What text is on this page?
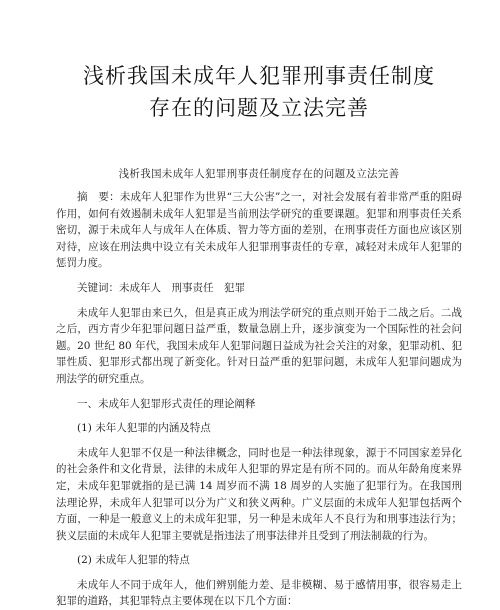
浅析我国未成年人犯罪刑事责任制度
存在的问题及立法完善
浅析我国未成年人犯罪刑事责任制度存在的问题及立法完善

摘　要：未成年人犯罪作为世界“三大公害”之一，对社会发展有着非常严重的阻碍作用，如何有效遏制未成年人犯罪是当前刑法学研究的重要课题。犯罪和刑事责任关系密切，源于未成年人与成年人在体质、智力等方面的差别，在刑事责任方面也应该区别对待，应该在刑法典中设立有关未成年人犯罪刑事责任的专章，减轻对未成年人犯罪的惩罚力度。

关键词：未成年人　刑事责任　犯罪

未成年人犯罪由来已久，但是真正成为刑法学研究的重点则开始于二战之后。二战之后，西方青少年犯罪问题日益严重，数量急剧上升，逐步演变为一个国际性的社会问题。20 世纪 80 年代，我国未成年人犯罪问题日益成为社会关注的对象，犯罪动机、犯罪性质、犯罪形式都出现了新变化。针对日益严重的犯罪问题，未成年人犯罪问题成为刑法学的研究重点。

一、未成年人犯罪形式责任的理论阐释

(1) 未年人犯罪的内涵及特点

未成年人犯罪不仅是一种法律概念，同时也是一种法律现象，源于不同国家差异化的社会条件和文化背景，法律的未成年人犯罪的界定是有所不同的。而从年龄角度来界定，未成年犯罪就指的是已满 14 周岁而不满 18 周岁的人实施了犯罪行为。在我国刑法理论界，未成年人犯罪可以分为广义和狭义两种。广义层面的未成年人犯罪包括两个方面，一种是一般意义上的未成年犯罪，另一种是未成年人不良行为和刑事违法行为；狭义层面的未成年人犯罪主要就是指违法了刑事法律并且受到了刑法制裁的行为。

(2) 未成年人犯罪的特点

未成年人不同于成年人，他们辨别能力差、是非模糊、易于感情用事，很容易走上犯罪的道路，其犯罪特点主要体现在以下几个方面：
